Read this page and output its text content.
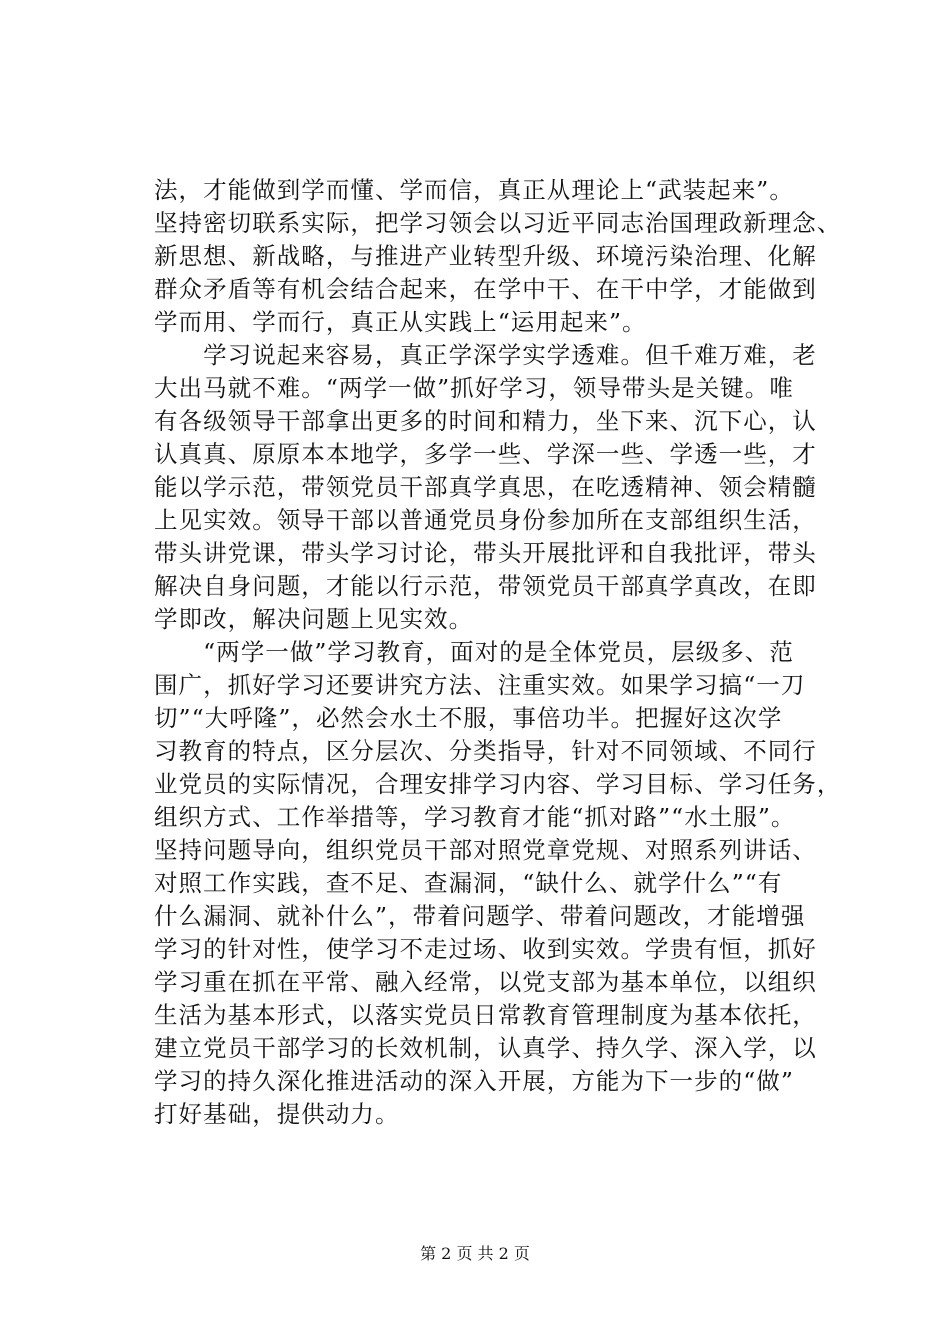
法，才能做到学而懂、学而信，真正从理论上“武装起来”。
坚持密切联系实际，把学习领会以习近平同志治国理政新理念、
新思想、新战略，与推进产业转型升级、环境污染治理、化解
群众矛盾等有机会结合起来，在学中干、在干中学，才能做到
学而用、学而行，真正从实践上“运用起来”。
　　学习说起来容易，真正学深学实学透难。但千难万难，老
大出马就不难。“两学一做”抓好学习，领导带头是关键。唯
有各级领导干部拿出更多的时间和精力，坐下来、沉下心，认
认真真、原原本本地学，多学一些、学深一些、学透一些，才
能以学示范，带领党员干部真学真思，在吃透精神、领会精髓
上见实效。领导干部以普通党员身份参加所在支部组织生活，
带头讲党课，带头学习讨论，带头开展批评和自我批评，带头
解决自身问题，才能以行示范，带领党员干部真学真改，在即
学即改，解决问题上见实效。
　　“两学一做”学习教育，面对的是全体党员，层级多、范
围广，抓好学习还要讲究方法、注重实效。如果学习搞“一刀
切”“大呼隆”，必然会水土不服，事倍功半。把握好这次学
习教育的特点，区分层次、分类指导，针对不同领域、不同行
业党员的实际情况，合理安排学习内容、学习目标、学习任务，
组织方式、工作举措等，学习教育才能“抓对路”“水土服”。
坚持问题导向，组织党员干部对照党章党规、对照系列讲话、
对照工作实践，查不足、查漏洞，“缺什么、就学什么”“有
什么漏洞、就补什么”，带着问题学、带着问题改，才能增强
学习的针对性，使学习不走过场、收到实效。学贵有恒，抓好
学习重在抓在平常、融入经常，以党支部为基本单位，以组织
生活为基本形式，以落实党员日常教育管理制度为基本依托，
建立党员干部学习的长效机制，认真学、持久学、深入学，以
学习的持久深化推进活动的深入开展，方能为下一步的“做”
打好基础，提供动力。
第 2 页 共 2 页
